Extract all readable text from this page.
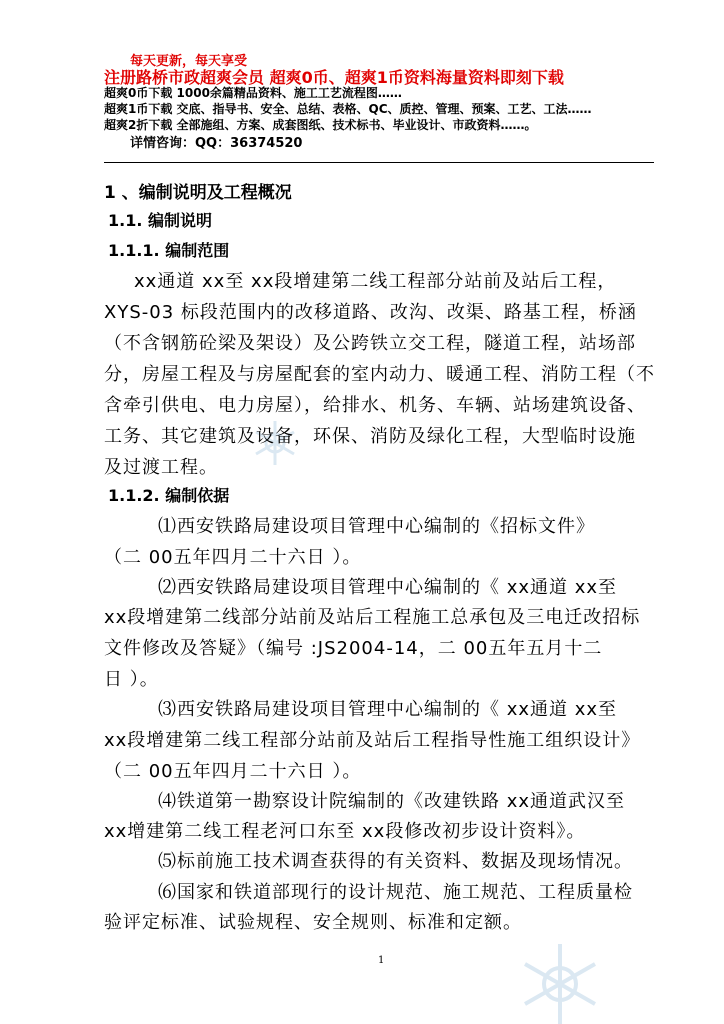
每天更新，每天享受
注册路桥市政超爽会员 超爽0币、超爽1币资料海量资料即刻下载
超爽0币下载 1000余篇精品资料、施工工艺流程图……
超爽1币下载 交底、指导书、安全、总结、表格、QC、质控、管理、预案、工艺、工法……
超爽2折下载 全部施组、方案、成套图纸、技术标书、毕业设计、市政资料……。
详情咨询：QQ：36374520
1 、编制说明及工程概况
1.1. 编制说明
1.1.1. 编制范围
xx通道 xx至 xx段增建第二线工程部分站前及站后工程，
XYS-03 标段范围内的改移道路、改沟、改渠、路基工程，桥涵
（不含钢筋砼梁及架设）及公跨铁立交工程，隧道工程，站场部
分，房屋工程及与房屋配套的室内动力、暖通工程、消防工程（不
含牵引供电、电力房屋），给排水、机务、车辆、站场建筑设备、
工务、其它建筑及设备，环保、消防及绿化工程，大型临时设施
及过渡工程。
1.1.2. 编制依据
⑴西安铁路局建设项目管理中心编制的《招标文件》
（二 00五年四月二十六日 ）。
⑵西安铁路局建设项目管理中心编制的《 xx通道 xx至
xx段增建第二线部分站前及站后工程施工总承包及三电迁改招标
文件修改及答疑》（编号 :JS2004-14，二 00五年五月十二
日 ）。
⑶西安铁路局建设项目管理中心编制的《 xx通道 xx至
xx段增建第二线工程部分站前及站后工程指导性施工组织设计》
（二 00五年四月二十六日 ）。
⑷铁道第一勘察设计院编制的《改建铁路 xx通道武汉至
xx增建第二线工程老河口东至 xx段修改初步设计资料》。
⑸标前施工技术调查获得的有关资料、数据及现场情况。
⑹国家和铁道部现行的设计规范、施工规范、工程质量检
验评定标准、试验规程、安全规则、标准和定额。
1
